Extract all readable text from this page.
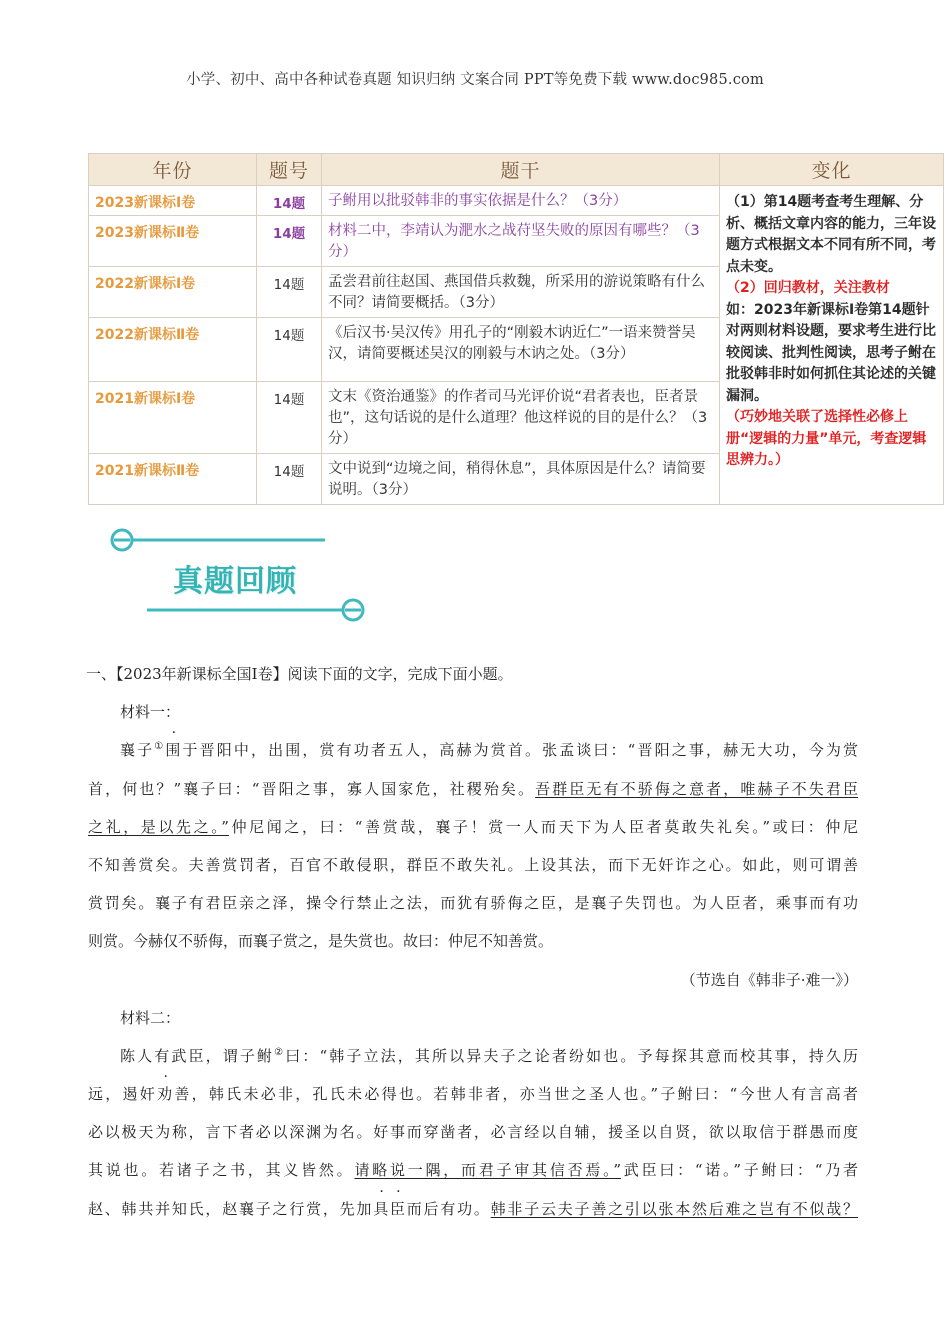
小学、初中、高中各种试卷真题 知识归纳 文案合同 PPT等免费下载 www.doc985.com
年份	题号	题干	变化
2023新课标Ⅰ卷	14题	子鲋用以批驳韩非的事实依据是什么？（3分）	（1）第14题考查考生理解、分析、概括文章内容的能力，三年设题方式根据文本不同有所不同，考点未变。
（2）回归教材，关注教材
如：2023年新课标Ⅰ卷第14题针对两则材料设题，要求考生进行比较阅读、批判性阅读，思考子鲋在批驳韩非时如何抓住其论述的关键漏洞。
（巧妙地关联了选择性必修上册“逻辑的力量”单元，考查逻辑思辨力。）

2023新课标Ⅱ卷	14题	材料二中，李靖认为淝水之战苻坚失败的原因有哪些？（3分）	
2022新课标Ⅰ卷	14题	孟尝君前往赵国、燕国借兵救魏，所采用的游说策略有什么不同？请简要概括。（3分）	
2022新课标Ⅱ卷	14题	《后汉书·吴汉传》用孔子的“刚毅木讷近仁”一语来赞誉吴汉，请简要概述吴汉的刚毅与木讷之处。（3分）	
2021新课标Ⅰ卷	14题	文末《资治通鉴》的作者司马光评价说“君者表也，臣者景也”，这句话说的是什么道理？他这样说的目的是什么？（3分）	
2021新课标Ⅱ卷	14题	文中说到“边境之间，稍得休息”，具体原因是什么？请简要说明。（3分）	
真题回顾
一、【2023年新课标全国Ⅰ卷】阅读下面的文字，完成下面小题。
材料一：
襄子①围于晋阳中，出围，赏有功者五人，高赫为赏首。张孟谈曰：“晋阳之事，赫无大功，今为赏
首，何也？”襄子曰：“晋阳之事，寡人国家危，社稷殆矣。吾群臣无有不骄侮之意者，唯赫子不失君臣
之礼，是以先之。”仲尼闻之，曰：“善赏哉，襄子！赏一人而天下为人臣者莫敢失礼矣。”或曰：仲尼
不知善赏矣。夫善赏罚者，百官不敢侵职，群臣不敢失礼。上设其法，而下无奸诈之心。如此，则可谓善
赏罚矣。襄子有君臣亲之泽，操令行禁止之法，而犹有骄侮之臣，是襄子失罚也。为人臣者，乘事而有功
则赏。今赫仅不骄侮，而襄子赏之，是失赏也。故曰：仲尼不知善赏。
（节选自《韩非子·难一》）
材料二：
陈人有武臣，谓子鲋②曰：“韩子立法，其所以异夫子之论者纷如也。予每探其意而校其事，持久历
远，遏奸劝善，韩氏未必非，孔氏未必得也。若韩非者，亦当世之圣人也。”子鲋曰：“今世人有言高者
必以极天为称，言下者必以深渊为名。好事而穿凿者，必言经以自辅，援圣以自贤，欲以取信于群愚而度
其说也。若诸子之书，其义皆然。请略说一隅，而君子审其信否焉。”武臣曰：“诺。”子鲋曰：“乃者
赵、韩共并知氏，赵襄子之行赏，先加具臣而后有功。韩非子云夫子善之引以张本然后难之岂有不似哉？
